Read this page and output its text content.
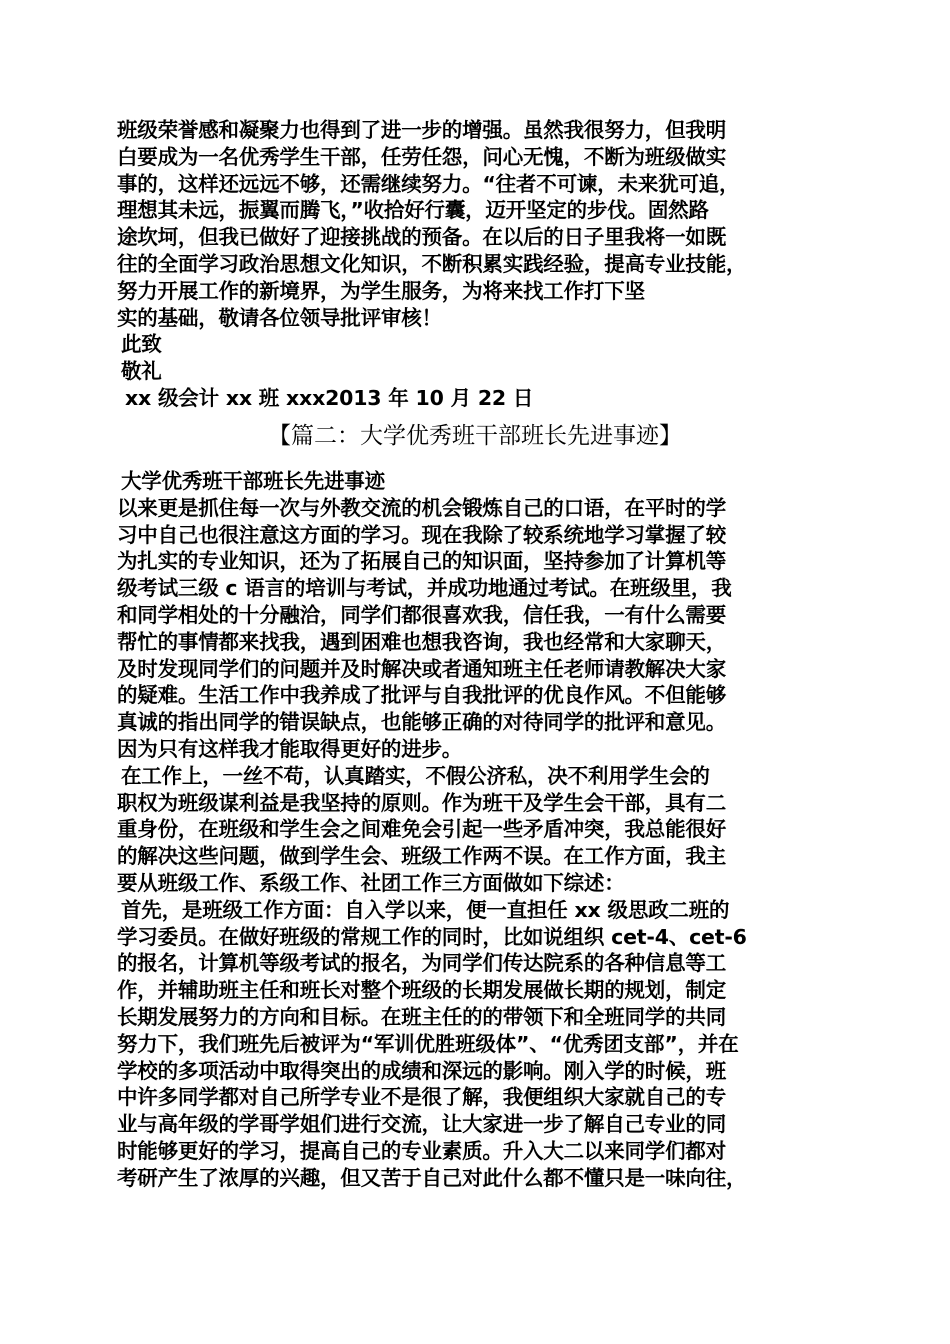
班级荣誉感和凝聚力也得到了进一步的增强。虽然我很努力，但我明
白要成为一名优秀学生干部，任劳任怨，问心无愧，不断为班级做实
事的，这样还远远不够，还需继续努力。“往者不可谏，未来犹可追，
理想其未远，振翼而腾飞，”收拾好行囊，迈开坚定的步伐。固然路
途坎坷，但我已做好了迎接挑战的预备。在以后的日子里我将一如既
往的全面学习政治思想文化知识，不断积累实践经验，提高专业技能，
努力开展工作的新境界，为学生服务，为将来找工作打下坚
实的基础，敬请各位领导批评审核！
此致
敬礼
xx 级会计 xx 班 xxx2013 年 10 月 22 日
【篇二：大学优秀班干部班长先进事迹】
大学优秀班干部班长先进事迹
以来更是抓住每一次与外教交流的机会锻炼自己的口语，在平时的学
习中自己也很注意这方面的学习。现在我除了较系统地学习掌握了较
为扎实的专业知识，还为了拓展自己的知识面，坚持参加了计算机等
级考试三级 c 语言的培训与考试，并成功地通过考试。在班级里，我
和同学相处的十分融洽，同学们都很喜欢我，信任我，一有什么需要
帮忙的事情都来找我，遇到困难也想我咨询，我也经常和大家聊天，
及时发现同学们的问题并及时解决或者通知班主任老师请教解决大家
的疑难。生活工作中我养成了批评与自我批评的优良作风。不但能够
真诚的指出同学的错误缺点，也能够正确的对待同学的批评和意见。
因为只有这样我才能取得更好的进步。
在工作上，一丝不苟，认真踏实，不假公济私，决不利用学生会的
职权为班级谋利益是我坚持的原则。作为班干及学生会干部，具有二
重身份，在班级和学生会之间难免会引起一些矛盾冲突，我总能很好
的解决这些问题，做到学生会、班级工作两不误。在工作方面，我主
要从班级工作、系级工作、社团工作三方面做如下综述：
首先，是班级工作方面：自入学以来，便一直担任 xx 级思政二班的
学习委员。在做好班级的常规工作的同时，比如说组织 cet-4、cet-6
的报名，计算机等级考试的报名，为同学们传达院系的各种信息等工
作，并辅助班主任和班长对整个班级的长期发展做长期的规划，制定
长期发展努力的方向和目标。在班主任的的带领下和全班同学的共同
努力下，我们班先后被评为“军训优胜班级体”、“优秀团支部”，并在
学校的多项活动中取得突出的成绩和深远的影响。刚入学的时候，班
中许多同学都对自己所学专业不是很了解，我便组织大家就自己的专
业与高年级的学哥学姐们进行交流，让大家进一步了解自己专业的同
时能够更好的学习，提高自己的专业素质。升入大二以来同学们都对
考研产生了浓厚的兴趣，但又苦于自己对此什么都不懂只是一味向往，
